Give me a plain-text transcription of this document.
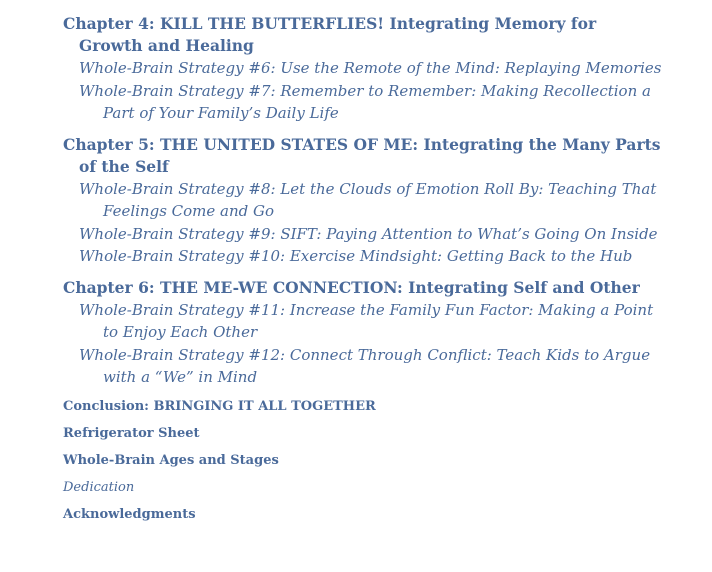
Chapter 4: KILL THE BUTTERFLIES! Integrating Memory for Growth and Healing
Whole-Brain Strategy #6: Use the Remote of the Mind: Replaying Memories
Whole-Brain Strategy #7: Remember to Remember: Making Recollection a Part of Your Family’s Daily Life
Chapter 5: THE UNITED STATES OF ME: Integrating the Many Parts of the Self
Whole-Brain Strategy #8: Let the Clouds of Emotion Roll By: Teaching That Feelings Come and Go
Whole-Brain Strategy #9: SIFT: Paying Attention to What’s Going On Inside
Whole-Brain Strategy #10: Exercise Mindsight: Getting Back to the Hub
Chapter 6: THE ME-WE CONNECTION: Integrating Self and Other
Whole-Brain Strategy #11: Increase the Family Fun Factor: Making a Point to Enjoy Each Other
Whole-Brain Strategy #12: Connect Through Conflict: Teach Kids to Argue with a “We” in Mind
Conclusion: BRINGING IT ALL TOGETHER
Refrigerator Sheet
Whole-Brain Ages and Stages
Dedication
Acknowledgments
